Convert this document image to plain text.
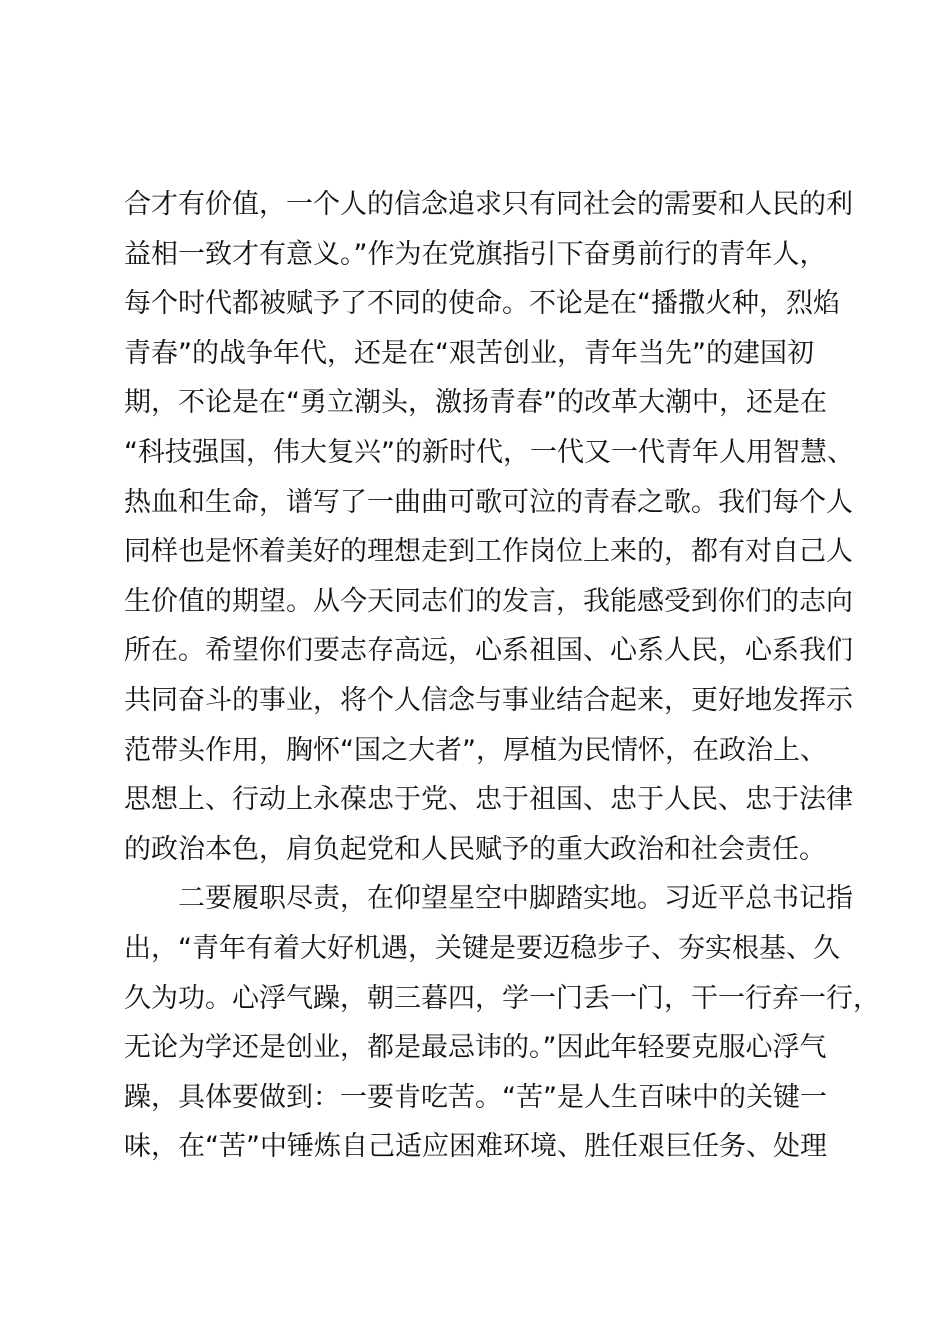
合才有价值，一个人的信念追求只有同社会的需要和人民的利
益相一致才有意义。”作为在党旗指引下奋勇前行的青年人，
每个时代都被赋予了不同的使命。不论是在“播撒火种，烈焰
青春”的战争年代，还是在“艰苦创业，青年当先”的建国初
期，不论是在“勇立潮头，激扬青春”的改革大潮中，还是在
“科技强国，伟大复兴”的新时代，一代又一代青年人用智慧、
热血和生命，谱写了一曲曲可歌可泣的青春之歌。我们每个人
同样也是怀着美好的理想走到工作岗位上来的，都有对自己人
生价值的期望。从今天同志们的发言，我能感受到你们的志向
所在。希望你们要志存高远，心系祖国、心系人民，心系我们
共同奋斗的事业，将个人信念与事业结合起来，更好地发挥示
范带头作用，胸怀“国之大者”，厚植为民情怀，在政治上、
思想上、行动上永葆忠于党、忠于祖国、忠于人民、忠于法律
的政治本色，肩负起党和人民赋予的重大政治和社会责任。
二要履职尽责，在仰望星空中脚踏实地。习近平总书记指
出，“青年有着大好机遇，关键是要迈稳步子、夯实根基、久
久为功。心浮气躁，朝三暮四，学一门丢一门，干一行弃一行，
无论为学还是创业，都是最忌讳的。”因此年轻要克服心浮气
躁，具体要做到：一要肯吃苦。“苦”是人生百味中的关键一
味，在“苦”中锤炼自己适应困难环境、胜任艰巨任务、处理
